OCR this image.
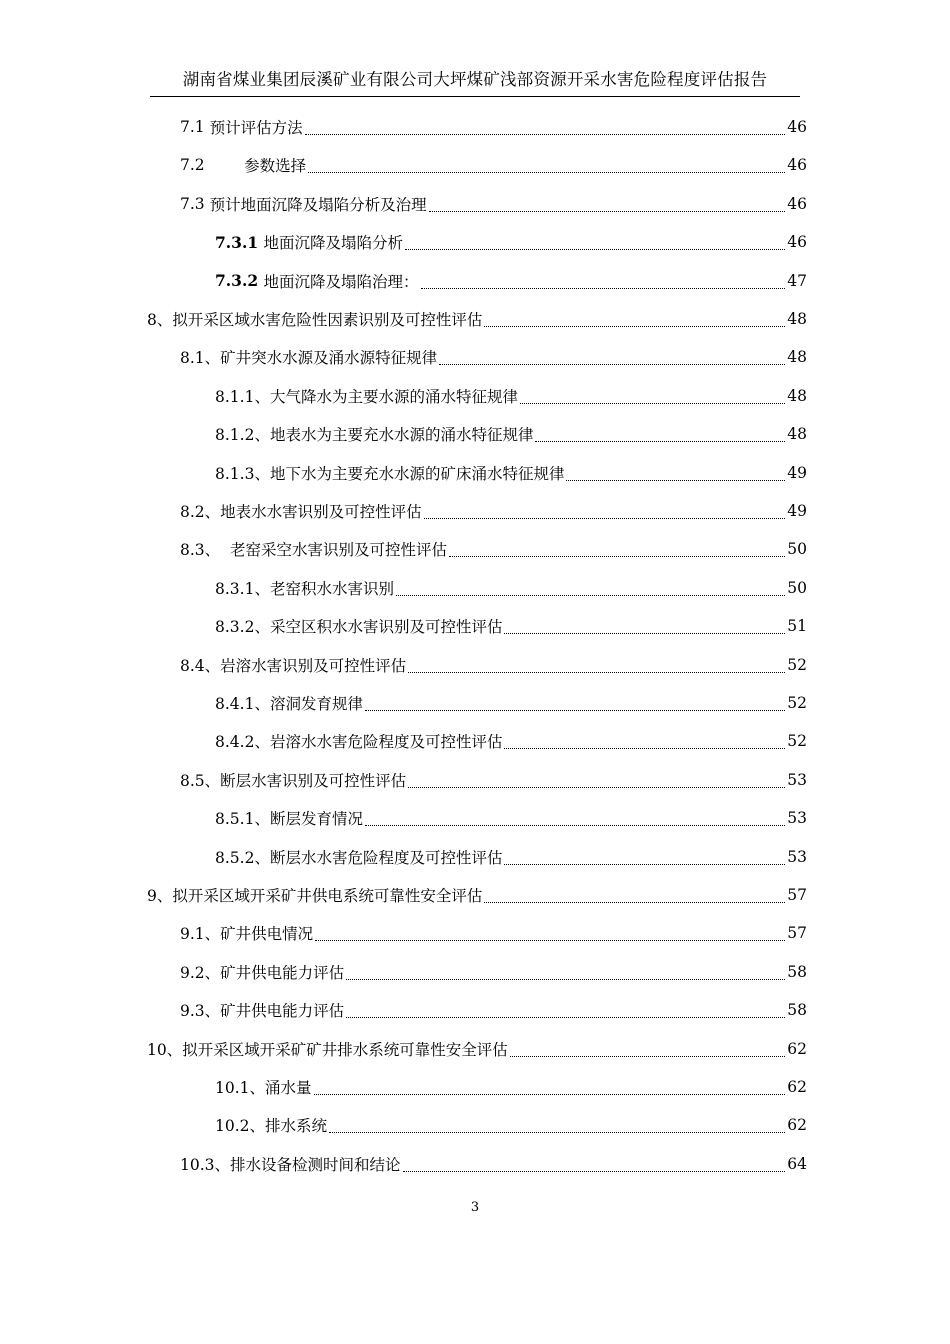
湖南省煤业集团辰溪矿业有限公司大坪煤矿浅部资源开采水害危险程度评估报告
7.1 预计评估方法	46
7.2 参数选择	46
7.3 预计地面沉降及塌陷分析及治理	46
7.3.1 地面沉降及塌陷分析	46
7.3.2 地面沉降及塌陷治理：	47
8、 拟开采区域水害危险性因素识别及可控性评估	48
8.1、 矿井突水水源及涌水源特征规律	48
8.1.1、 大气降水为主要水源的涌水特征规律	48
8.1.2、 地表水为主要充水水源的涌水特征规律	48
8.1.3、 地下水为主要充水水源的矿床涌水特征规律	49
8.2、 地表水水害识别及可控性评估	49
8.3、 老窑采空水害识别及可控性评估	50
8.3.1、 老窑积水水害识别	50
8.3.2、 采空区积水水害识别及可控性评估	51
8.4、 岩溶水害识别及可控性评估	52
8.4.1、 溶洞发育规律	52
8.4.2、 岩溶水水害危险程度及可控性评估	52
8.5、 断层水害识别及可控性评估	53
8.5.1、 断层发育情况	53
8.5.2、 断层水水害危险程度及可控性评估	53
9、 拟开采区域开采矿井供电系统可靠性安全评估	57
9.1、 矿井供电情况	57
9.2、 矿井供电能力评估	58
9.3、 矿井供电能力评估	58
10、 拟开采区域开采矿矿井排水系统可靠性安全评估	62
10.1、 涌水量	62
10.2、 排水系统	62
10.3、 排水设备检测时间和结论	64
3
